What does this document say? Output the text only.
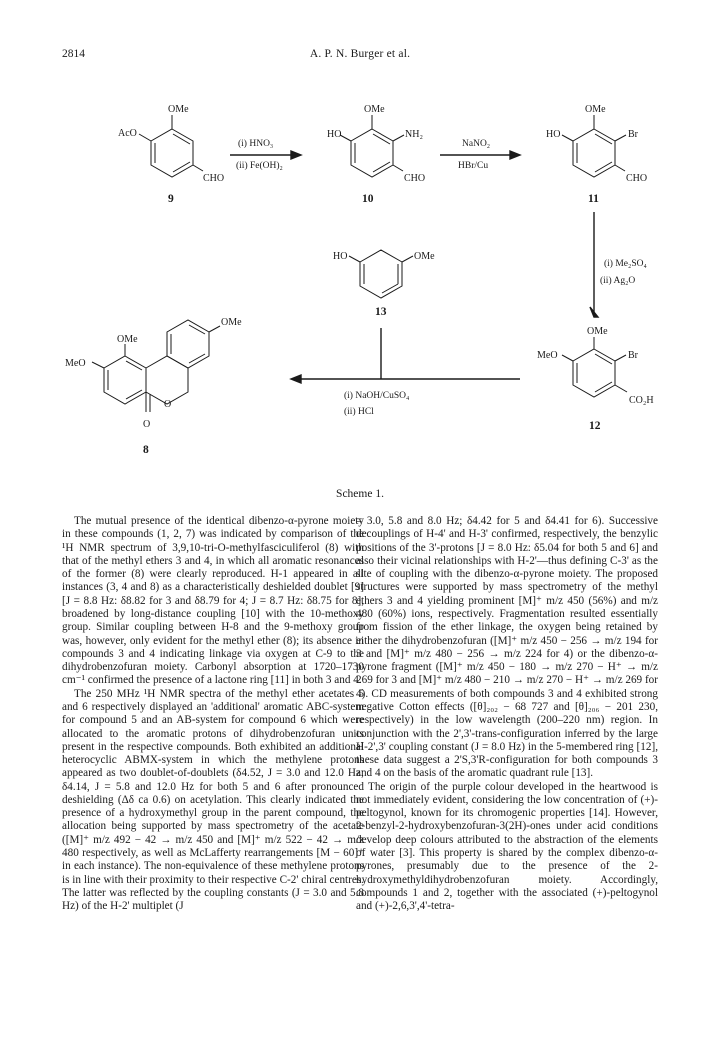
2814	A. P. N. Burger et al.
OMe
AcO
CHO
9
(i) HNO₃
(ii) Fe(OH)₂
OMe
HO	NH₂
CHO
10
NaNO₂
HBr/Cu
OMe
HO	Br
CHO
11
HO	OMe
13
(i) Me₂SO₄
(ii) Ag₂O
OMe
MeO	Br
CO₂H
12
(i) NaOH/CuSO₄
(ii) HCl
OMe
MeO
OMe
O
O
8
Scheme 1.

The mutual presence of the identical dibenzo-α-pyrone moiety in these compounds (1, 2, 7) was indicated by comparison of the ¹H NMR spectrum of 3,9,10-tri-O-methylfasciculiferol (8) with that of the methyl ethers 3 and 4, in which all aromatic resonances of the former (8) were clearly reproduced. H-1 appeared in all instances (3, 4 and 8) as a characteristically deshielded doublet [9] [J = 8.8 Hz: δ8.82 for 3 and δ8.79 for 4; J = 8.7 Hz: δ8.75 for 8], broadened by long-distance coupling [10] with the 10-methoxy group. Similar coupling between H-8 and the 9-methoxy group was, however, only evident for the methyl ether (8); its absence in compounds 3 and 4 indicating linkage via oxygen at C-9 to the dihydrobenzofuran moiety. Carbonyl absorption at 1720–1730 cm⁻¹ confirmed the presence of a lactone ring [11] in both 3 and 4.

The 250 MHz ¹H NMR spectra of the methyl ether acetates 5 and 6 respectively displayed an 'additional' aromatic ABC-system for compound 5 and an AB-system for compound 6 which were allocated to the aromatic protons of dihydrobenzofuran units present in the respective compounds. Both exhibited an additional heterocyclic ABMX-system in which the methylene protons appeared as two doublet-of-doublets (δ4.52, J = 3.0 and 12.0 Hz; δ4.14, J = 5.8 and 12.0 Hz for both 5 and 6 after pronounced deshielding (Δδ ca 0.6) on acetylation. This clearly indicated the presence of a hydroxymethyl group in the parent compound, the allocation being supported by mass spectrometry of the acetate ([M]⁺ m/z 492 − 42 → m/z 450 and [M]⁺ m/z 522 − 42 → m/z 480 respectively, as well as McLafferty rearrangements [M − 60]⁺ in each instance). The non-equivalence of these methylene protons is in line with their proximity to their respective C-2' chiral centres. The latter was reflected by the coupling constants (J = 3.0 and 5.8 Hz) of the H-2' multiplet (J

= 3.0, 5.8 and 8.0 Hz; δ4.42 for 5 and δ4.41 for 6). Successive decouplings of H-4' and H-3' confirmed, respectively, the benzylic positions of the 3'-protons [J = 8.0 Hz: δ5.04 for both 5 and 6] and also their vicinal relationships with H-2'—thus defining C-3' as the site of coupling with the dibenzo-α-pyrone moiety. The proposed structures were supported by mass spectrometry of the methyl ethers 3 and 4 yielding prominent [M]⁺ m/z 450 (56%) and m/z 480 (60%) ions, respectively. Fragmentation resulted essentially from fission of the ether linkage, the oxygen being retained by either the dihydrobenzofuran ([M]⁺ m/z 450 − 256 → m/z 194 for 3 and [M]⁺ m/z 480 − 256 → m/z 224 for 4) or the dibenzo-α-pyrone fragment ([M]⁺ m/z 450 − 180 → m/z 270 − H⁺ → m/z 269 for 3 and [M]⁺ m/z 480 − 210 → m/z 270 − H⁺ → m/z 269 for 4). CD measurements of both compounds 3 and 4 exhibited strong negative Cotton effects ([θ]₂₀₂ − 68 727 and [θ]₂₀₆ − 201 230, respectively) in the low wavelength (200–220 nm) region. In conjunction with the 2',3'-trans-configuration inferred by the large H-2',3' coupling constant (J = 8.0 Hz) in the 5-membered ring [12], these data suggest a 2'S,3'R-configuration for both compounds 3 and 4 on the basis of the aromatic quadrant rule [13].

The origin of the purple colour developed in the heartwood is not immediately evident, considering the low concentration of (+)-peltogynol, known for its chromogenic properties [14]. However, 2-benzyl-2-hydroxybenzofuran-3(2H)-ones under acid conditions develop deep colours attributed to the abstraction of the elements of water [3]. This property is shared by the complex dibenzo-α-pyrones, presumably due to the presence of the 2-hydroxymethyldihydrobenzofuran moiety. Accordingly, compounds 1 and 2, together with the associated (+)-peltogynol and (+)-2,6,3',4'-tetra-
